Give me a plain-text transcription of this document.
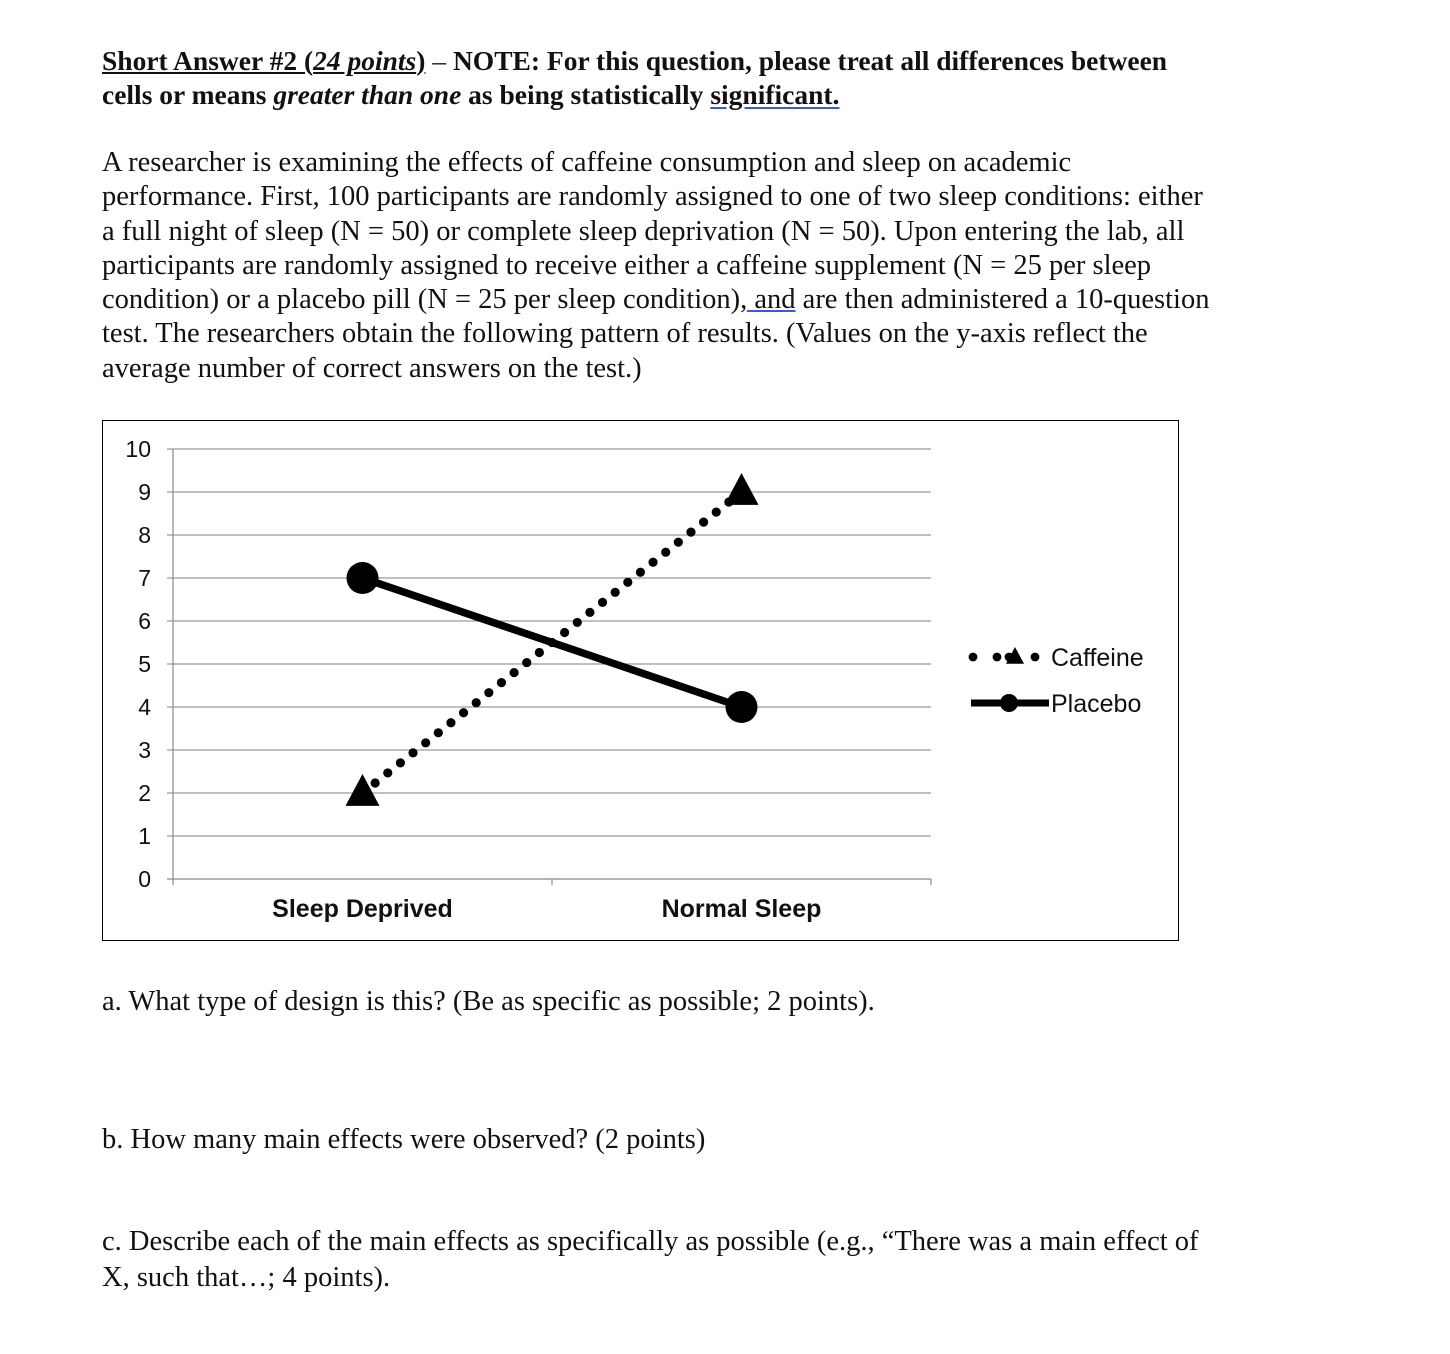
Short Answer #2 (24 points) – NOTE: For this question, please treat all differences between
cells or means greater than one as being statistically significant.

A researcher is examining the effects of caffeine consumption and sleep on academic
performance. First, 100 participants are randomly assigned to one of two sleep conditions: either
a full night of sleep (N = 50) or complete sleep deprivation (N = 50). Upon entering the lab, all
participants are randomly assigned to receive either a caffeine supplement (N = 25 per sleep
condition) or a placebo pill (N = 25 per sleep condition), and are then administered a 10-question
test. The researchers obtain the following pattern of results. (Values on the y-axis reflect the
average number of correct answers on the test.)
0
1
2
3
4
5
6
7
8
9
10
Sleep Deprived	Normal Sleep
Caffeine
Placebo

a. What type of design is this? (Be as specific as possible; 2 points).

b. How many main effects were observed? (2 points)

c. Describe each of the main effects as specifically as possible (e.g., “There was a main effect of
X, such that…; 4 points).
